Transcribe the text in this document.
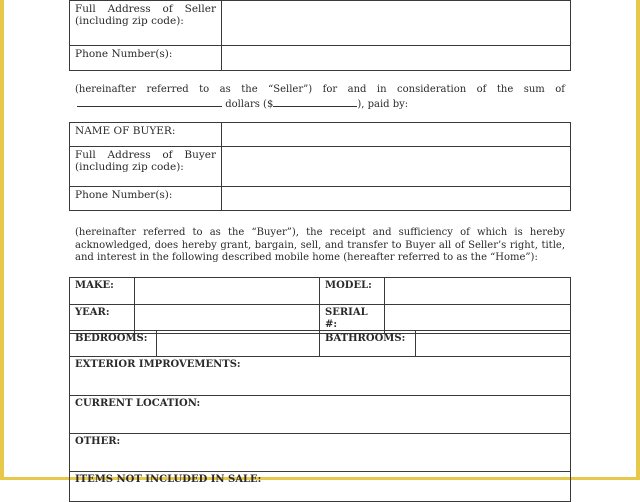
Full Address of Seller (including zip code):	
Phone Number(s):	
(hereinafter referred to as the “Seller”) for and in consideration of the sum of
dollars ($	), paid by:
NAME OF BUYER:	
Full Address of Buyer (including zip code):	
Phone Number(s):	
(hereinafter referred to as the “Buyer”), the receipt and sufficiency of which is hereby acknowledged, does hereby grant, bargain, sell, and transfer to Buyer all of Seller’s right, title, and interest in the following described mobile home (hereafter referred to as the “Home”):
MAKE:		MODEL:	
YEAR:		SERIAL #:	
BEDROOMS:		BATHROOMS:	
EXTERIOR IMPROVEMENTS:
CURRENT LOCATION:
OTHER:
ITEMS NOT INCLUDED IN SALE:
